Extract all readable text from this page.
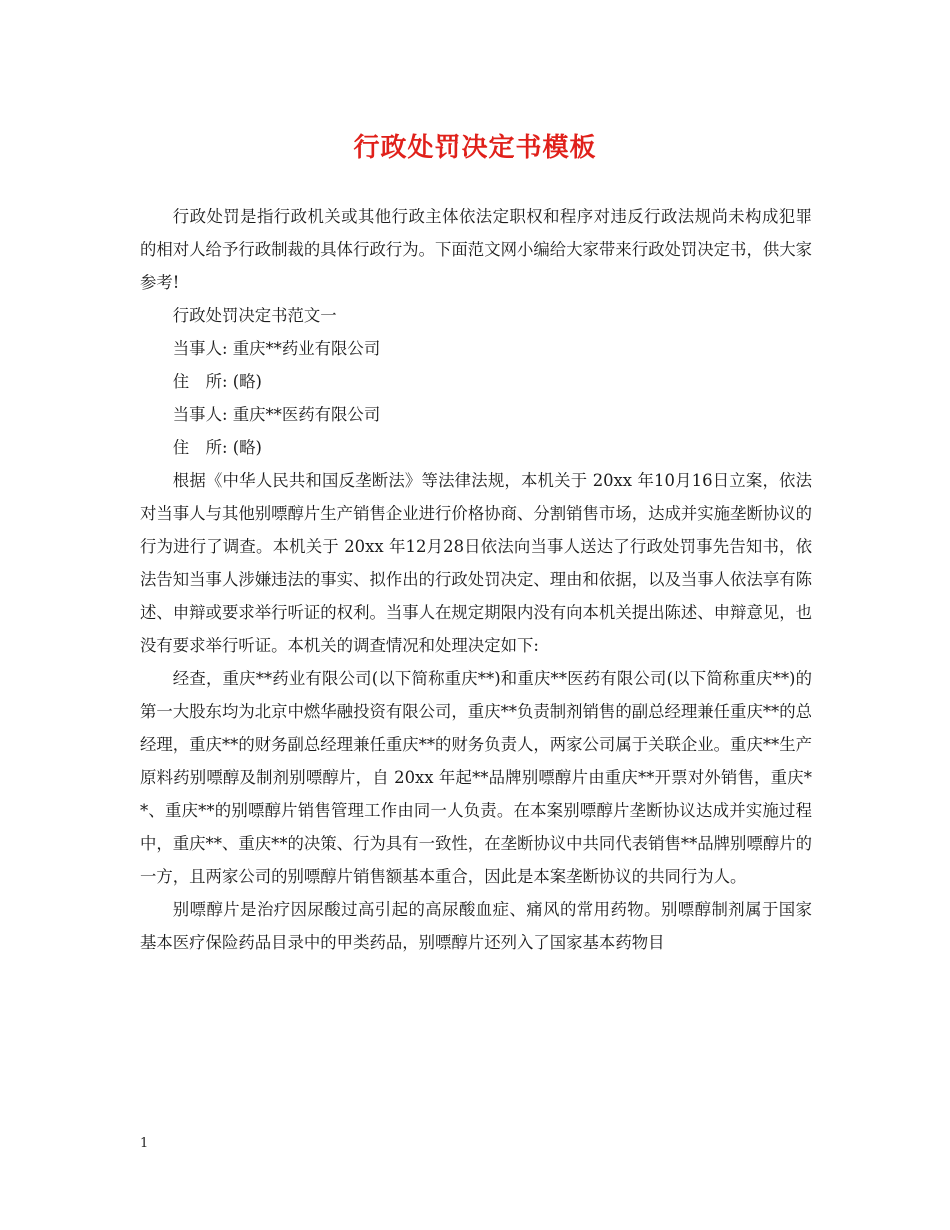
行政处罚决定书模板

行政处罚是指行政机关或其他行政主体依法定职权和程序对违反行政法规尚未构成犯罪的相对人给予行政制裁的具体行政行为。下面范文网小编给大家带来行政处罚决定书，供大家参考!

行政处罚决定书范文一

当事人: 重庆**药业有限公司

住　所: (略)

当事人: 重庆**医药有限公司

住　所: (略)

根据《中华人民共和国反垄断法》等法律法规，本机关于 20xx 年10月16日立案，依法对当事人与其他别嘌醇片生产销售企业进行价格协商、分割销售市场，达成并实施垄断协议的行为进行了调查。本机关于 20xx 年12月28日依法向当事人送达了行政处罚事先告知书，依法告知当事人涉嫌违法的事实、拟作出的行政处罚决定、理由和依据，以及当事人依法享有陈述、申辩或要求举行听证的权利。当事人在规定期限内没有向本机关提出陈述、申辩意见，也没有要求举行听证。本机关的调查情况和处理决定如下:

经查，重庆**药业有限公司(以下简称重庆**)和重庆**医药有限公司(以下简称重庆**)的第一大股东均为北京中燃华融投资有限公司，重庆**负责制剂销售的副总经理兼任重庆**的总经理，重庆**的财务副总经理兼任重庆**的财务负责人，两家公司属于关联企业。重庆**生产原料药别嘌醇及制剂别嘌醇片，自 20xx 年起**品牌别嘌醇片由重庆**开票对外销售，重庆**、重庆**的别嘌醇片销售管理工作由同一人负责。在本案别嘌醇片垄断协议达成并实施过程中，重庆**、重庆**的决策、行为具有一致性，在垄断协议中共同代表销售**品牌别嘌醇片的一方，且两家公司的别嘌醇片销售额基本重合，因此是本案垄断协议的共同行为人。

别嘌醇片是治疗因尿酸过高引起的高尿酸血症、痛风的常用药物。别嘌醇制剂属于国家基本医疗保险药品目录中的甲类药品，别嘌醇片还列入了国家基本药物目

1
